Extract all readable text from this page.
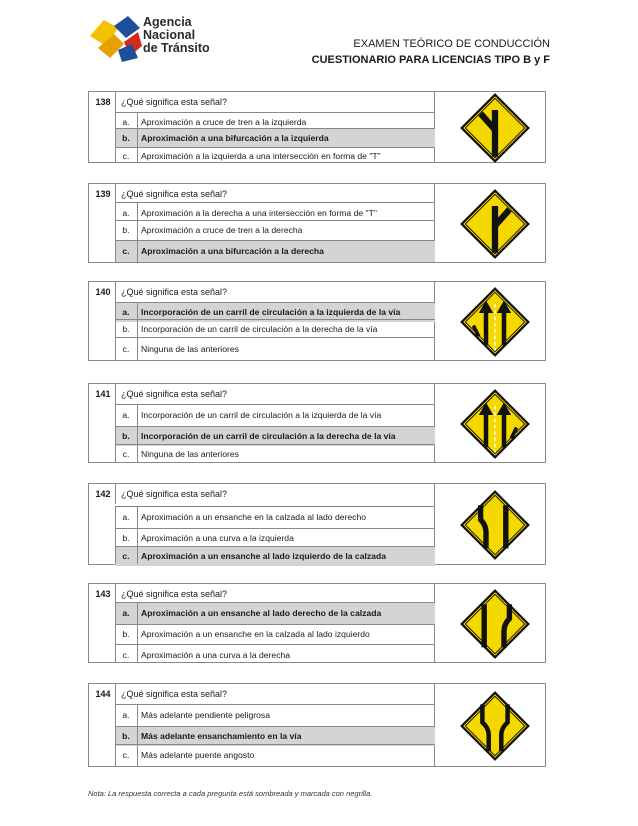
Agencia
Nacional
de Tránsito	EXAMEN TEÓRICO DE CONDUCCIÓN
CUESTIONARIO PARA LICENCIAS TIPO B y F
138	¿Qué significa esta señal?
a.	Aproximación a cruce de tren a la izquierda
b.	Aproximación a una bifurcación a la izquierda
c.	Aproximación a la izquierda a una intersección en forma de "T"
139	¿Qué significa esta señal?
a.	Aproximación a la derecha a una intersección en forma de "T"
b.	Aproximación a cruce de tren a la derecha
c.	Aproximación a una bifurcación a la derecha
140	¿Qué significa esta señal?
a.	Incorporación de un carril de circulación a la izquierda de la vía
b.	Incorporación de un carril de circulación a la derecha de la vía
c.	Ninguna de las anteriores
141	¿Qué significa esta señal?
a.	Incorporación de un carril de circulación a la izquierda de la vía
b.	Incorporación de un carril de circulación a la derecha de la vía
c.	Ninguna de las anteriores
142	¿Qué significa esta señal?
a.	Aproximación a un ensanche en la calzada al lado derecho
b.	Aproximación a una curva a la izquierda
c.	Aproximación a un ensanche al lado izquierdo de la calzada
143	¿Qué significa esta señal?
a.	Aproximación a un ensanche al lado derecho de la calzada
b.	Aproximación a un ensanche en la calzada al lado izquierdo
c.	Aproximación a una curva a la derecha
144	¿Qué significa esta señal?
a.	Más adelante pendiente peligrosa
b.	Más adelante ensanchamiento en la vía
c.	Más adelante puente angosto
Nota: La respuesta correcta a cada pregunta está sombreada y marcada con negrilla.
